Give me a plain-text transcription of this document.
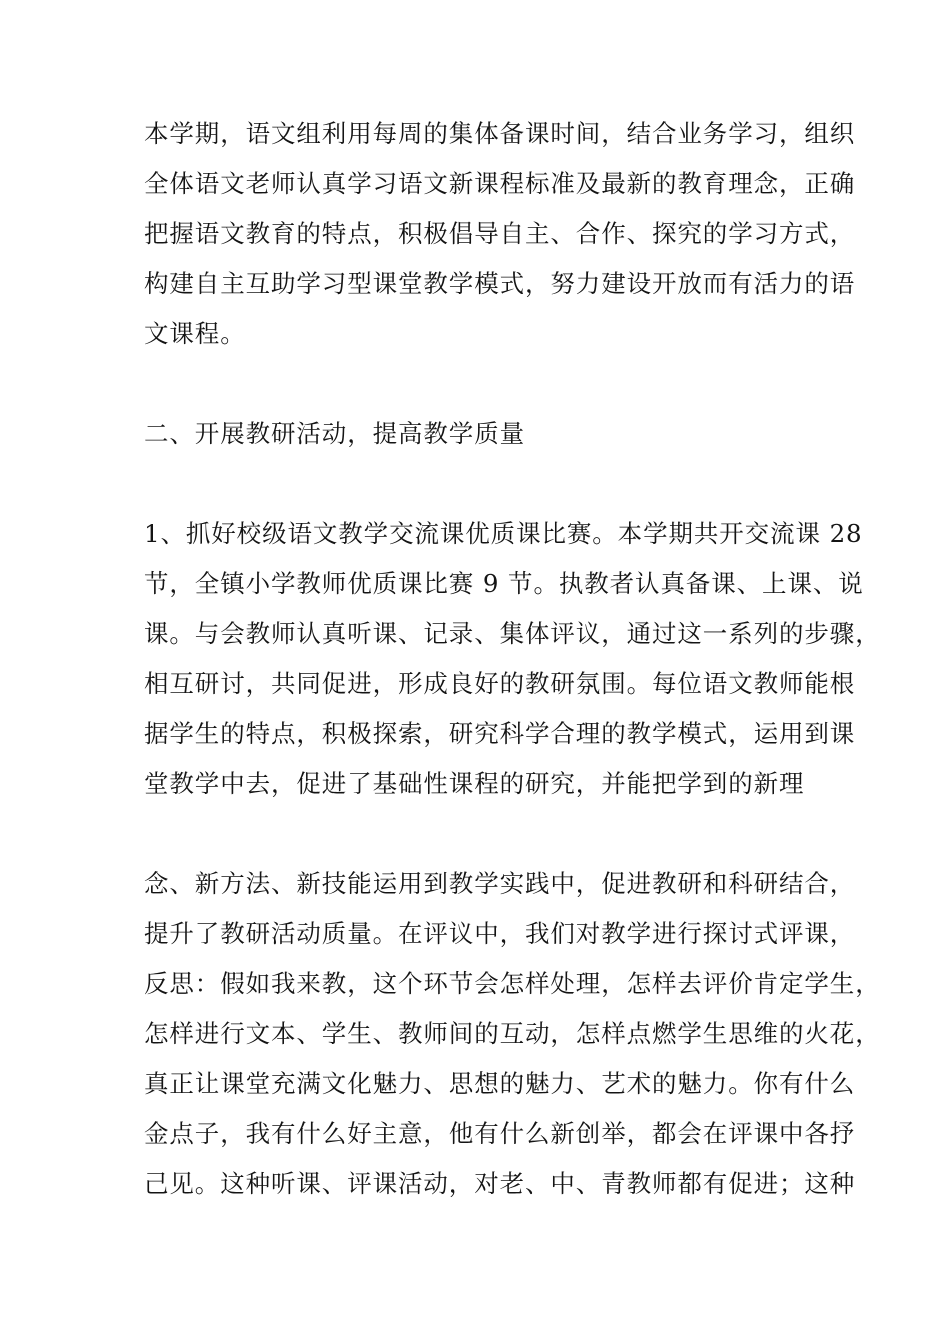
本学期，语文组利用每周的集体备课时间，结合业务学习，组织
全体语文老师认真学习语文新课程标准及最新的教育理念，正确
把握语文教育的特点，积极倡导自主、合作、探究的学习方式，
构建自主互助学习型课堂教学模式，努力建设开放而有活力的语
文课程。
二、开展教研活动，提高教学质量
1、抓好校级语文教学交流课优质课比赛。本学期共开交流课 28
节，全镇小学教师优质课比赛 9 节。执教者认真备课、上课、说
课。与会教师认真听课、记录、集体评议，通过这一系列的步骤，
相互研讨，共同促进，形成良好的教研氛围。每位语文教师能根
据学生的特点，积极探索，研究科学合理的教学模式，运用到课
堂教学中去，促进了基础性课程的研究，并能把学到的新理
念、新方法、新技能运用到教学实践中，促进教研和科研结合，
提升了教研活动质量。在评议中，我们对教学进行探讨式评课，
反思：假如我来教，这个环节会怎样处理，怎样去评价肯定学生，
怎样进行文本、学生、教师间的互动，怎样点燃学生思维的火花，
真正让课堂充满文化魅力、思想的魅力、艺术的魅力。你有什么
金点子，我有什么好主意，他有什么新创举，都会在评课中各抒
己见。这种听课、评课活动，对老、中、青教师都有促进；这种
